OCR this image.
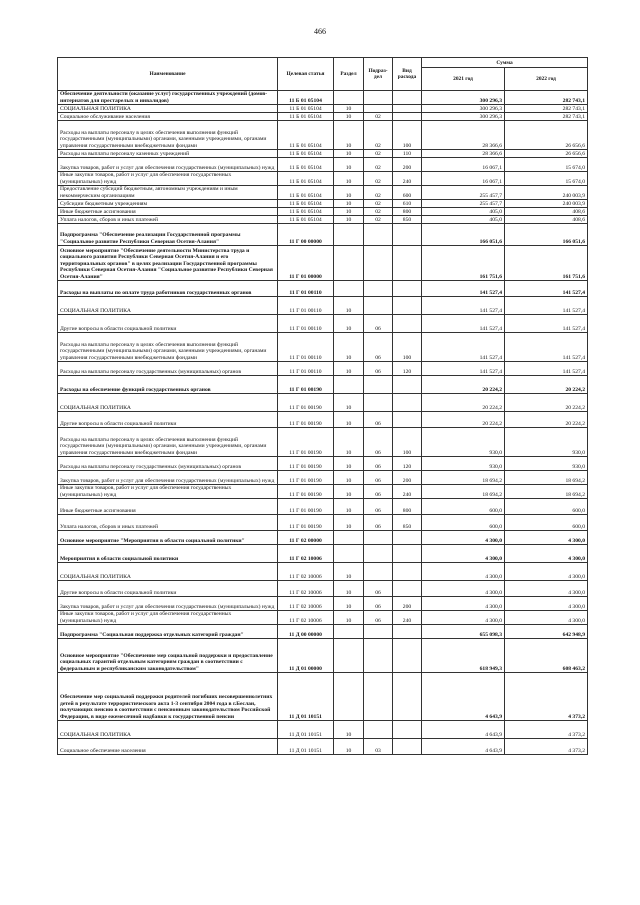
466
Наименование	Целевая статья	Раздел	Подраз-дел	Вид расхода	Сумма	
					2021 год	2022 год
Обеспечение деятельности (оказание услуг) государственных учреждений (домов-интернатов для престарелых и инвалидов)	11 Б 01 05104				300 296,3	282 743,1
СОЦИАЛЬНАЯ ПОЛИТИКА	11 Б 01 05104	10			300 296,3	282 743,1
Социальное обслуживание населения	11 Б 01 05104	10	02		300 296,3	282 743,1
Расходы на выплаты персоналу в целях обеспечения выполнения функций государственными (муниципальными) органами, казенными учреждениями, органами управления государственными внебюджетными фондами	11 Б 01 05104	10	02	100	28 366,6	26 656,6
Расходы на выплаты персоналу казенных учреждений	11 Б 01 05104	10	02	110	28 366,6	26 656,6
Закупка товаров, работ и услуг для обеспечения государственных (муниципальных) нужд	11 Б 01 05104	10	02	200	16 067,1	15 674,0
Иные закупки товаров, работ и услуг для обеспечения государственных (муниципальных) нужд	11 Б 01 05104	10	02	240	16 067,1	15 674,0
Предоставление субсидий бюджетным, автономным учреждениям и иным некоммерческим организациям	11 Б 01 05104	10	02	600	255 457,7	240 003,9
Субсидии бюджетным учреждениям	11 Б 01 05104	10	02	610	255 457,7	240 003,9
Иные бюджетные ассигнования	11 Б 01 05104	10	02	800	405,0	408,6
Уплата налогов, сборов и иных платежей	11 Б 01 05104	10	02	850	405,0	408,6
Подпрограмма "Обеспечение реализации Государственной программы "Социальное развитие Республики Северная Осетия-Алания"	11 Г 00 00000				166 051,6	166 051,6
Основное мероприятие "Обеспечение деятельности Министерства труда и социального развития Республики Северная Осетия-Алания и его территориальных органов" в целях реализации Государственной программы Республики Северная Осетия-Алания "Социальное развитие Республики Северная Осетия-Алания"	11 Г 01 00000				161 751,6	161 751,6
Расходы на выплаты по оплате труда работников государственных органов	11 Г 01 00110				141 527,4	141 527,4
СОЦИАЛЬНАЯ ПОЛИТИКА	11 Г 01 00110	10			141 527,4	141 527,4
Другие вопросы в области социальной политики	11 Г 01 00110	10	06		141 527,4	141 527,4
Расходы на выплаты персоналу в целях обеспечения выполнения функций государственными (муниципальными) органами, казенными учреждениями, органами управления государственными внебюджетными фондами	11 Г 01 00110	10	06	100	141 527,4	141 527,4
Расходы на выплаты персоналу государственных (муниципальных) органов	11 Г 01 00110	10	06	120	141 527,4	141 527,4
Расходы на обеспечение функций государственных органов	11 Г 01 00190				20 224,2	20 224,2
СОЦИАЛЬНАЯ ПОЛИТИКА	11 Г 01 00190	10			20 224,2	20 224,2
Другие вопросы в области социальной политики	11 Г 01 00190	10	06		20 224,2	20 224,2
Расходы на выплаты персоналу в целях обеспечения выполнения функций государственными (муниципальными) органами, казенными учреждениями, органами управления государственными внебюджетными фондами	11 Г 01 00190	10	06	100	930,0	930,0
Расходы на выплаты персоналу государственных (муниципальных) органов	11 Г 01 00190	10	06	120	930,0	930,0
Закупка товаров, работ и услуг для обеспечения государственных (муниципальных) нужд	11 Г 01 00190	10	06	200	18 694,2	18 694,2
Иные закупки товаров, работ и услуг для обеспечения государственных (муниципальных) нужд	11 Г 01 00190	10	06	240	18 694,2	18 694,2
Иные бюджетные ассигнования	11 Г 01 00190	10	06	800	600,0	600,0
Уплата налогов, сборов и иных платежей	11 Г 01 00190	10	06	850	600,0	600,0
Основное мероприятие "Мероприятия в области социальной политики"	11 Г 02 00000				4 300,0	4 300,0
Мероприятия в области социальной политики	11 Г 02 10006				4 300,0	4 300,0
СОЦИАЛЬНАЯ ПОЛИТИКА	11 Г 02 10006	10			4 300,0	4 300,0
Другие вопросы в области социальной политики	11 Г 02 10006	10	06		4 300,0	4 300,0
Закупка товаров, работ и услуг для обеспечения государственных (муниципальных) нужд	11 Г 02 10006	10	06	200	4 300,0	4 300,0
Иные закупки товаров, работ и услуг для обеспечения государственных (муниципальных) нужд	11 Г 02 10006	10	06	240	4 300,0	4 300,0
Подпрограмма "Социальная поддержка отдельных категорий граждан"	11 Д 00 00000				655 098,3	642 948,9
Основное мероприятие "Обеспечение мер социальной поддержки и предоставление социальных гарантий отдельным категориям граждан в соответствии с федеральным и республиканским законодательством"	11 Д 01 00000				618 949,3	608 463,2
Обеспечение мер социальной поддержки родителей погибших несовершеннолетних детей в результате террористического акта 1-3 сентября 2004 года в г.Беслан, получающих пенсию в соответствии с пенсионным законодательством Российской Федерации, в виде ежемесячной надбавки к государственной пенсии	11 Д 01 10151				4 643,9	4 373,2
СОЦИАЛЬНАЯ ПОЛИТИКА	11 Д 01 10151	10			4 643,9	4 373,2
Социальное обеспечение населения	11 Д 01 10151	10	03		4 643,9	4 373,2
